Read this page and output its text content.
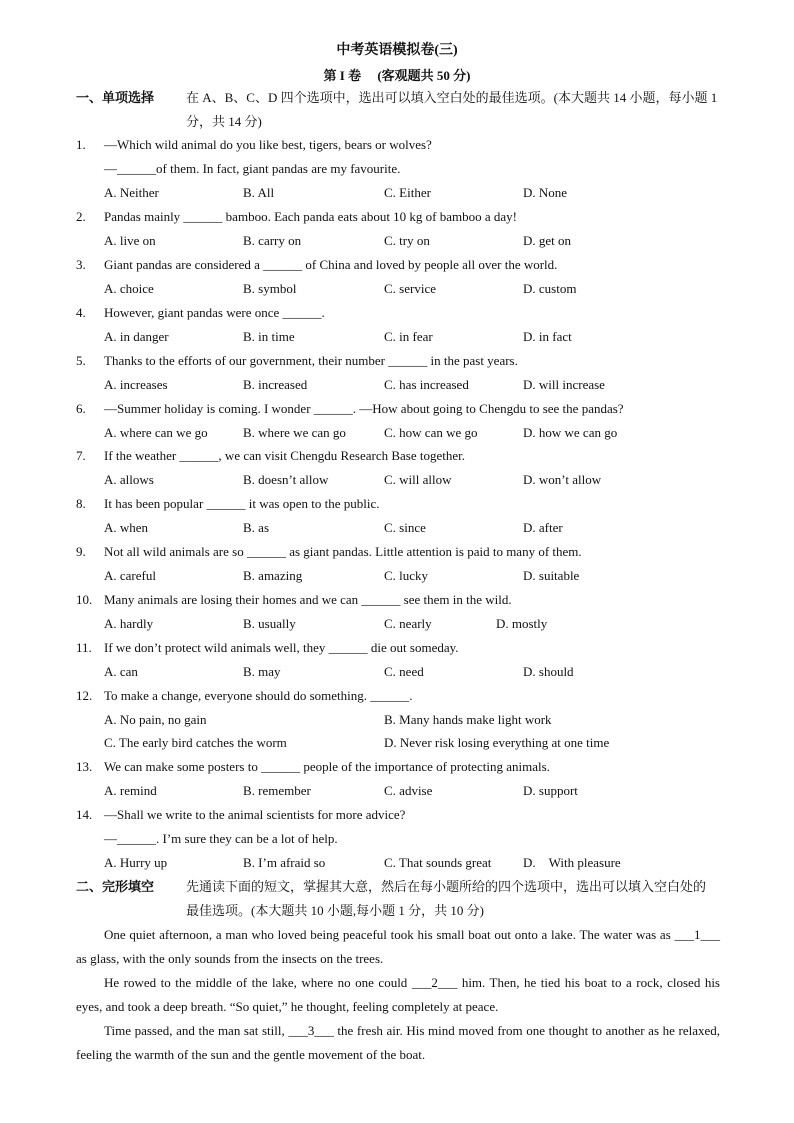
中考英语模拟卷(三)
第 I 卷 　(客观题共 50 分)
一、单项选择 在 A、B、C、D 四个选项中，选出可以填入空白处的最佳选项。(本大题共 14 小题，每小题 1 分，共 14 分)
1. —Which wild animal do you like best, tigers, bears or wolves?
—______of them. In fact, giant pandas are my favourite.
A. Neither	B. All	C. Either	D. None
2. Pandas mainly ______ bamboo. Each panda eats about 10 kg of bamboo a day!
A. live on	B. carry on	C. try on	D. get on
3. Giant pandas are considered a ______ of China and loved by people all over the world.
A. choice	B. symbol	C. service	D. custom
4. However, giant pandas were once ______.
A. in danger	B. in time	C. in fear	D. in fact
5. Thanks to the efforts of our government, their number ______ in the past years.
A. increases	B. increased	C. has increased	D. will increase
6. —Summer holiday is coming. I wonder ______. —How about going to Chengdu to see the pandas?
A. where can we go	B. where we can go	C. how can we go	D. how we can go
7. If the weather ______, we can visit Chengdu Research Base together.
A. allows	B. doesn’t allow	C. will allow	D. won’t allow
8. It has been popular ______ it was open to the public.
A. when	B. as	C. since	D. after
9. Not all wild animals are so ______ as giant pandas. Little attention is paid to many of them.
A. careful	B. amazing	C. lucky	D. suitable
10. Many animals are losing their homes and we can ______ see them in the wild.
A. hardly	B. usually	C. nearly	D. mostly
11. If we don’t protect wild animals well, they ______ die out someday.
A. can	B. may	C. need	D. should
12. To make a change, everyone should do something. ______.
A. No pain, no gain	B. Many hands make light work
C. The early bird catches the worm	D. Never risk losing everything at one time
13. We can make some posters to ______ people of the importance of protecting animals.
A. remind	B. remember	C. advise	D. support
14. —Shall we write to the animal scientists for more advice?
—______. I’m sure they can be a lot of help.
A. Hurry up	B. I’m afraid so	C. That sounds great D.　With pleasure
二、完形填空 先通读下面的短文，掌握其大意，然后在每小题所给的四个选项中，选出可以填入空白处的最佳选项。(本大题共 10 小题,每小题 1 分，共 10 分)

One quiet afternoon, a man who loved being peaceful took his small boat out onto a lake. The water was as ___1___ as glass, with the only sounds from the insects on the trees.

He rowed to the middle of the lake, where no one could ___2___ him. Then, he tied his boat to a rock, closed his eyes, and took a deep breath. “So quiet,” he thought, feeling completely at peace.

Time passed, and the man sat still, ___3___ the fresh air. His mind moved from one thought to another as he relaxed, feeling the warmth of the sun and the gentle movement of the boat.
